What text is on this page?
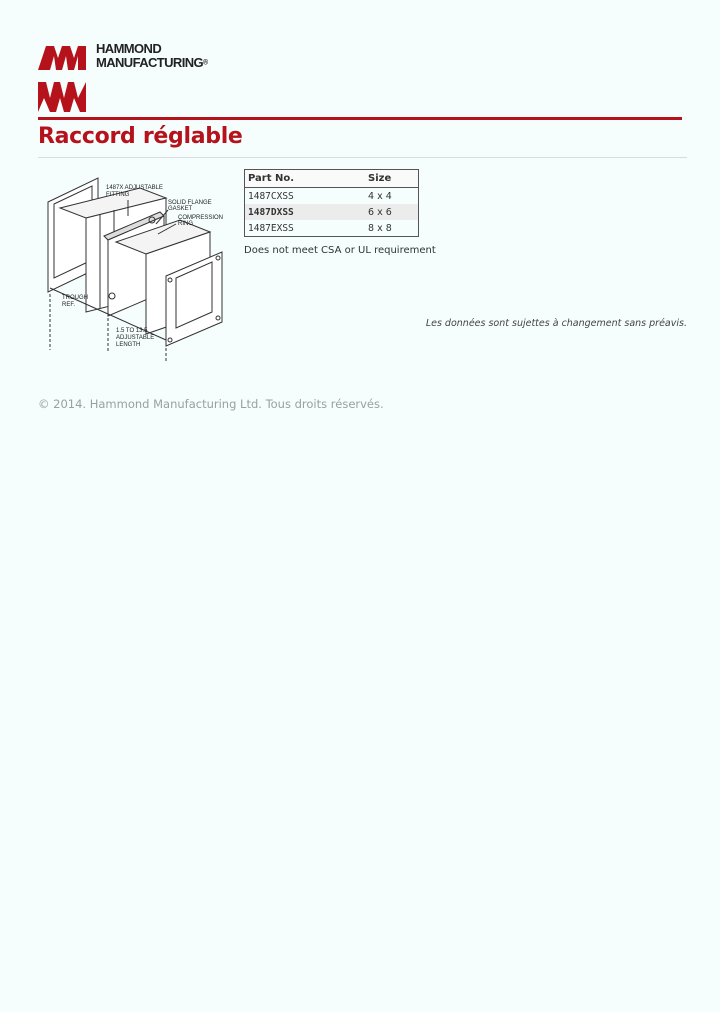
HAMMOND
MANUFACTURING®
Raccord réglable
1487X ADJUSTABLE
FITTING
SOLID FLANGE
GASKET
COMPRESSION
RING
TROUGH
REF.
1.5 TO 13.5
ADJUSTABLE
LENGTH
Part No.	Size
1487CXSS	4 x 4
1487DXSS	6 x 6
1487EXSS	8 x 8
Does not meet CSA or UL requirement
Les données sont sujettes à changement sans préavis.
© 2014. Hammond Manufacturing Ltd. Tous droits réservés.
